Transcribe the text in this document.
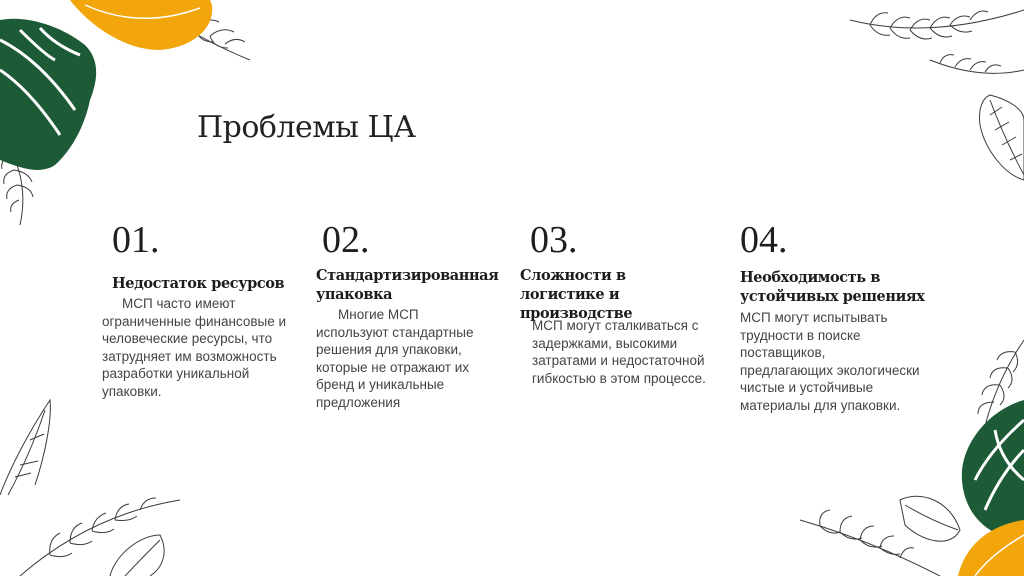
Проблемы ЦА
01.
Недостаток ресурсов
МСП часто имеют ограниченные финансовые и человеческие ресурсы, что затрудняет им возможность разработки уникальной упаковки.
02.
Стандартизированная упаковка
Многие МСП используют стандартные решения для упаковки, которые не отражают их бренд и уникальные предложения
03.
Сложности в логистике и производстве
МСП могут сталкиваться с задержками, высокими затратами и недостаточной гибкостью в этом процессе.
04.
Необходимость в устойчивых решениях
МСП могут испытывать трудности в поиске поставщиков, предлагающих экологически чистые и устойчивые материалы для упаковки.
